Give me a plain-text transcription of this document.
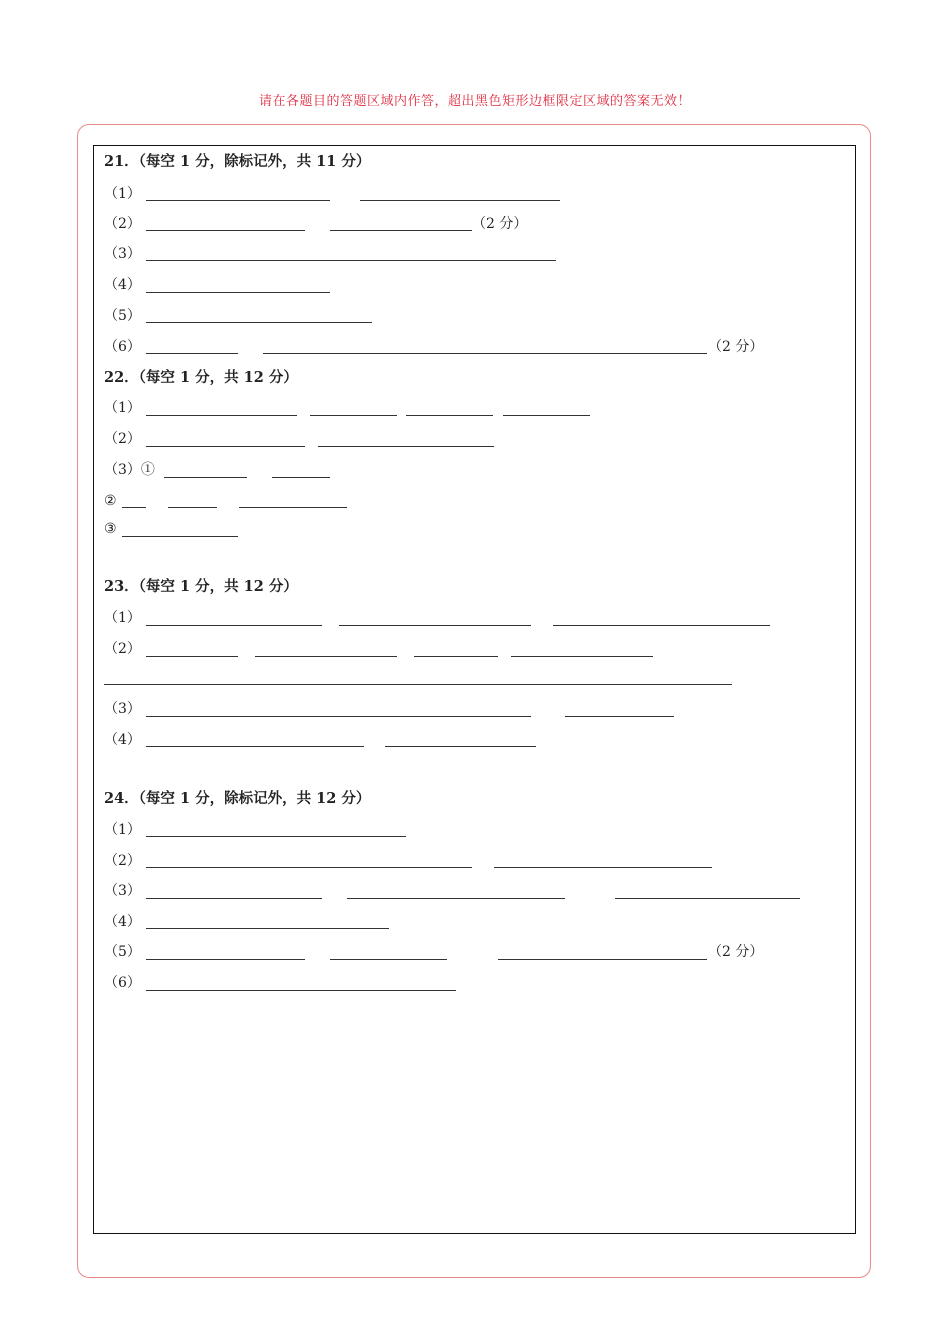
请在各题目的答题区域内作答，超出黑色矩形边框限定区域的答案无效！
21．（每空 1 分，除标记外，共 11 分）
（1）
（2）	（2 分）
（3）
（4）
（5）
（6）	（2 分）
22．（每空 1 分，共 12 分）
（1）
（2）
（3）①
②
③
23．（每空 1 分，共 12 分）
（1）
（2）
（3）
（4）
24．（每空 1 分，除标记外，共 12 分）
（1）
（2）
（3）
（4）
（5）	（2 分）
（6）
